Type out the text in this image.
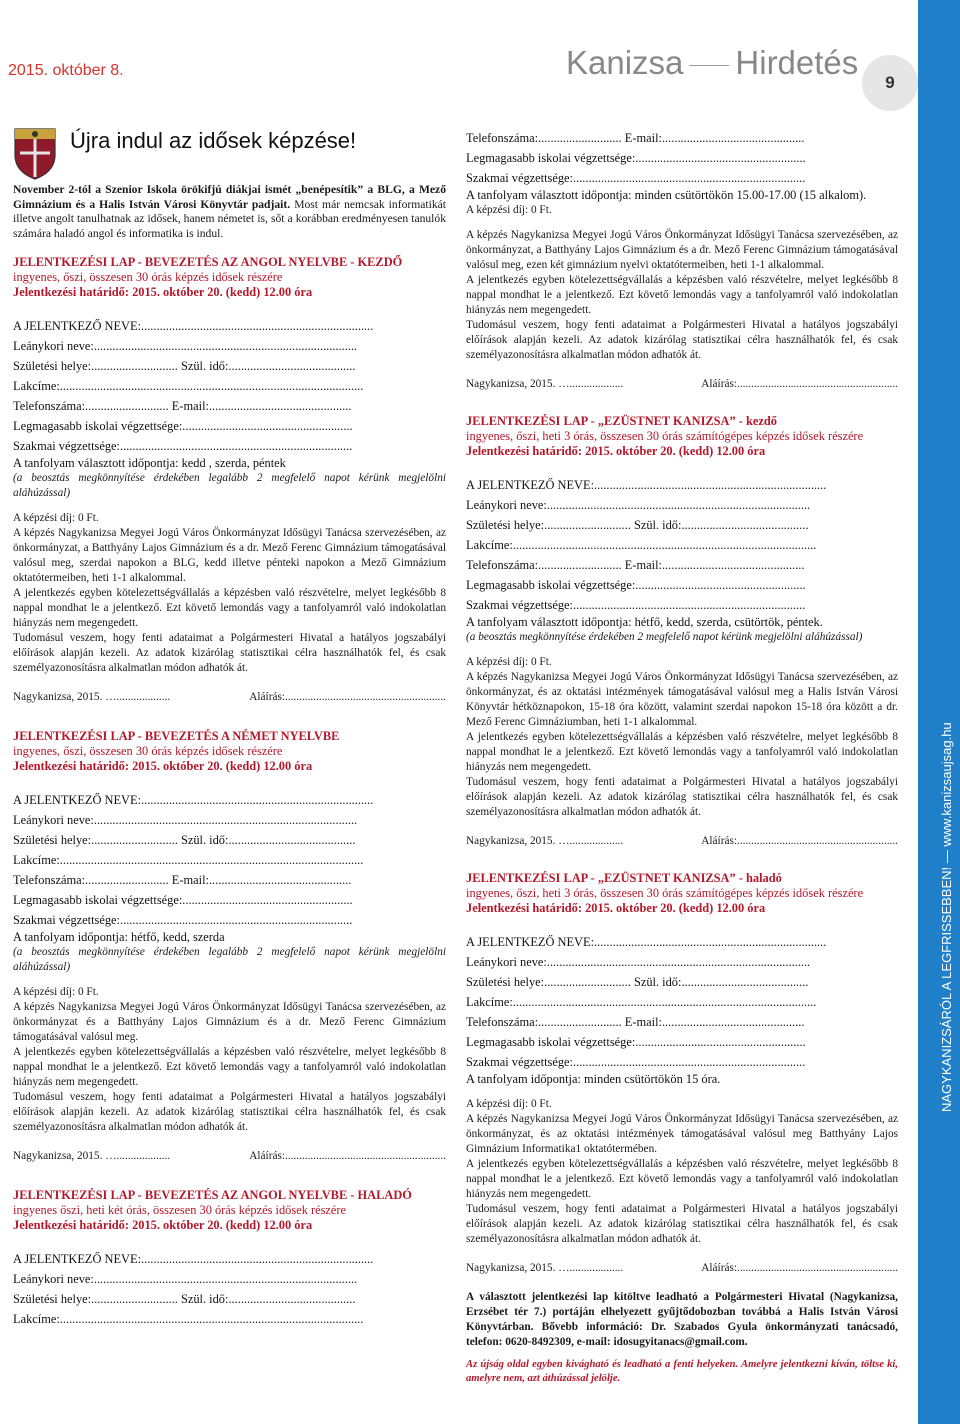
2015. október 8.	Kanizsa Hirdetés
9
NAGYKANIZSÁRÓL A LEGFRISSEBBEN! — www.kanizsaujsag.hu
Újra indul az idősek képzése!

November 2-tól a Szenior Iskola örökifjú diákjai ismét „benépesítik” a BLG, a Mező Gimnázium és a Halis István Városi Könyvtár padjait. Most már nemcsak informatikát illetve angolt tanulhatnak az idősek, hanem németet is, sőt a korábban eredményesen tanulók számára haladó angol és informatika is indul.

JELENTKEZÉSI LAP - BEVEZETÉS AZ ANGOL NYELVBE - KEZDŐ
ingyenes, őszi, összesen 30 órás képzés idősek részére
Jelentkezési határidő: 2015. október 20. (kedd) 12.00 óra
A JELENTKEZŐ NEVE:...........................................................................
Leánykori neve:.....................................................................................
Születési helye:............................ Szül. idő:.........................................
Lakcíme:..................................................................................................
Telefonszáma:........................... E-mail:..............................................
Legmagasabb iskolai végzettsége:.......................................................
Szakmai végzettsége:...........................................................................
A tanfolyam választott időpontja: kedd , szerda, péntek

(a beosztás megkönnyítése érdekében legalább 2 megfelelő napot kérünk megjelölni aláhúzással)

A képzési díj: 0 Ft.

A képzés Nagykanizsa Megyei Jogú Város Önkormányzat Idősügyi Tanácsa szervezésében, az önkormányzat, a Batthyány Lajos Gimnázium és a dr. Mező Ferenc Gimnázium támogatásával valósul meg, szerdai napokon a BLG, kedd illetve pénteki napokon a Mező Gimnázium oktatótermeiben, heti 1-1 alkalommal.

A jelentkezés egyben kötelezettségvállalás a képzésben való részvételre, melyet legkésőbb 8 nappal mondhat le a jelentkező. Ezt követő lemondás vagy a tanfolyamról való indokolatlan hiányzás nem megengedett.

Tudomásul veszem, hogy fenti adataimat a Polgármesteri Hivatal a hatályos jogszabályi előírások alapján kezeli. Az adatok kizárólag statisztikai célra használhatók fel, és csak személyazonosításra alkalmatlan módon adhatók át.

Nagykanizsa, 2015. …...................	Aláírás:.........................................................
JELENTKEZÉSI LAP - BEVEZETÉS A NÉMET NYELVBE
ingyenes, őszi, összesen 30 órás képzés idősek részére
Jelentkezési határidő: 2015. október 20. (kedd) 12.00 óra
A JELENTKEZŐ NEVE:...........................................................................
Leánykori neve:.....................................................................................
Születési helye:............................ Szül. idő:.........................................
Lakcíme:..................................................................................................
Telefonszáma:........................... E-mail:..............................................
Legmagasabb iskolai végzettsége:.......................................................
Szakmai végzettsége:...........................................................................
A tanfolyam időpontja: hétfő, kedd, szerda

(a beosztás megkönnyítése érdekében legalább 2 megfelelő napot kérünk megjelölni aláhúzással)

A képzési díj: 0 Ft.

A képzés Nagykanizsa Megyei Jogú Város Önkormányzat Idősügyi Tanácsa szervezésében, az önkormányzat és a Batthyány Lajos Gimnázium és a dr. Mező Ferenc Gimnázium támogatásával valósul meg.

A jelentkezés egyben kötelezettségvállalás a képzésben való részvételre, melyet legkésőbb 8 nappal mondhat le a jelentkező. Ezt követő lemondás vagy a tanfolyamról való indokolatlan hiányzás nem megengedett.

Tudomásul veszem, hogy fenti adataimat a Polgármesteri Hivatal a hatályos jogszabályi előírások alapján kezeli. Az adatok kizárólag statisztikai célra használhatók fel, és csak személyazonosításra alkalmatlan módon adhatók át.

Nagykanizsa, 2015. …...................	Aláírás:.........................................................
JELENTKEZÉSI LAP - BEVEZETÉS AZ ANGOL NYELVBE - HALADÓ
ingyenes őszi, heti két órás, összesen 30 órás képzés idősek részére
Jelentkezési határidő: 2015. október 20. (kedd) 12.00 óra
A JELENTKEZŐ NEVE:...........................................................................
Leánykori neve:.....................................................................................
Születési helye:............................ Szül. idő:.........................................
Lakcíme:..................................................................................................
Telefonszáma:........................... E-mail:..............................................
Legmagasabb iskolai végzettsége:.......................................................
Szakmai végzettsége:...........................................................................
A tanfolyam választott időpontja: minden csütörtökön 15.00-17.00 (15 alkalom).

A képzési díj: 0 Ft.

A képzés Nagykanizsa Megyei Jogú Város Önkormányzat Idősügyi Tanácsa szervezésében, az önkormányzat, a Batthyány Lajos Gimnázium és a dr. Mező Ferenc Gimnázium támogatásával valósul meg, ezen két gimnázium nyelvi oktatótermeiben, heti 1-1 alkalommal.

A jelentkezés egyben kötelezettségvállalás a képzésben való részvételre, melyet legkésőbb 8 nappal mondhat le a jelentkező. Ezt követő lemondás vagy a tanfolyamról való indokolatlan hiányzás nem megengedett.

Tudomásul veszem, hogy fenti adataimat a Polgármesteri Hivatal a hatályos jogszabályi előírások alapján kezeli. Az adatok kizárólag statisztikai célra használhatók fel, és csak személyazonosításra alkalmatlan módon adhatók át.

Nagykanizsa, 2015. …...................	Aláírás:.........................................................
JELENTKEZÉSI LAP - „EZÜSTNET KANIZSA” - kezdő
ingyenes, őszi, heti 3 órás, összesen 30 órás számítógépes képzés idősek részére
Jelentkezési határidő: 2015. október 20. (kedd) 12.00 óra
A JELENTKEZŐ NEVE:...........................................................................
Leánykori neve:.....................................................................................
Születési helye:............................ Szül. idő:.........................................
Lakcíme:..................................................................................................
Telefonszáma:........................... E-mail:..............................................
Legmagasabb iskolai végzettsége:.......................................................
Szakmai végzettsége:...........................................................................
A tanfolyam választott időpontja: hétfő, kedd, szerda, csütörtök, péntek.

(a beosztás megkönnyítése érdekében 2 megfelelő napot kérünk megjelölni aláhúzással)

A képzési díj: 0 Ft.

A képzés Nagykanizsa Megyei Jogú Város Önkormányzat Idősügyi Tanácsa szervezésében, az önkormányzat, és az oktatási intézmények támogatásával valósul meg a Halis István Városi Könyvtár hétköznapokon, 15-18 óra között, valamint szerdai napokon 15-18 óra között a dr. Mező Ferenc Gimnáziumban, heti 1-1 alkalommal.

A jelentkezés egyben kötelezettségvállalás a képzésben való részvételre, melyet legkésőbb 8 nappal mondhat le a jelentkező. Ezt követő lemondás vagy a tanfolyamról való indokolatlan hiányzás nem megengedett.

Tudomásul veszem, hogy fenti adataimat a Polgármesteri Hivatal a hatályos jogszabályi előírások alapján kezeli. Az adatok kizárólag statisztikai célra használhatók fel, és csak személyazonosításra alkalmatlan módon adhatók át.

Nagykanizsa, 2015. …...................	Aláírás:.........................................................
JELENTKEZÉSI LAP - „EZÜSTNET KANIZSA” - haladó
ingyenes, őszi, heti 3 órás, összesen 30 órás számítógépes képzés idősek részére
Jelentkezési határidő: 2015. október 20. (kedd) 12.00 óra
A JELENTKEZŐ NEVE:...........................................................................
Leánykori neve:.....................................................................................
Születési helye:............................ Szül. idő:.........................................
Lakcíme:..................................................................................................
Telefonszáma:........................... E-mail:..............................................
Legmagasabb iskolai végzettsége:.......................................................
Szakmai végzettsége:...........................................................................
A tanfolyam időpontja: minden csütörtökön 15 óra.

A képzési díj: 0 Ft.

A képzés Nagykanizsa Megyei Jogú Város Önkormányzat Idősügyi Tanácsa szervezésében, az önkormányzat, és az oktatási intézmények támogatásával valósul meg Batthyány Lajos Gimnázium Informatika1 oktatótermében.

A jelentkezés egyben kötelezettségvállalás a képzésben való részvételre, melyet legkésőbb 8 nappal mondhat le a jelentkező. Ezt követő lemondás vagy a tanfolyamról való indokolatlan hiányzás nem megengedett.

Tudomásul veszem, hogy fenti adataimat a Polgármesteri Hivatal a hatályos jogszabályi előírások alapján kezeli. Az adatok kizárólag statisztikai célra használhatók fel, és csak személyazonosításra alkalmatlan módon adhatók át.

Nagykanizsa, 2015. …...................	Aláírás:.........................................................

A választott jelentkezési lap kitöltve leadható a Polgármesteri Hivatal (Nagykanizsa, Erzsébet tér 7.) portáján elhelyezett gyűjtődobozban továbbá a Halis István Városi Könyvtárban. Bővebb információ: Dr. Szabados Gyula önkormányzati tanácsadó, telefon: 0620-8492309, e-mail: idosugyitanacs@gmail.com.

Az újság oldal egyben kivágható és leadható a fenti helyeken. Amelyre jelentkezni kíván, töltse ki, amelyre nem, azt áthúzással jelölje.
